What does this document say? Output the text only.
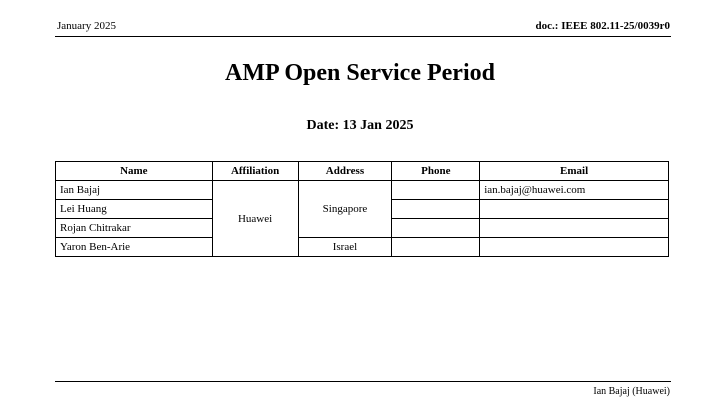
January 2025	doc.: IEEE 802.11-25/0039r0
AMP Open Service Period
Date: 13 Jan 2025
Name	Affiliation	Address	Phone	Email
Ian Bajaj	Huawei	Singapore		ian.bajaj@huawei.com
Lei Huang				
Rojan Chitrakar				
Yaron Ben-Arie		Israel		
Ian Bajaj (Huawei)
